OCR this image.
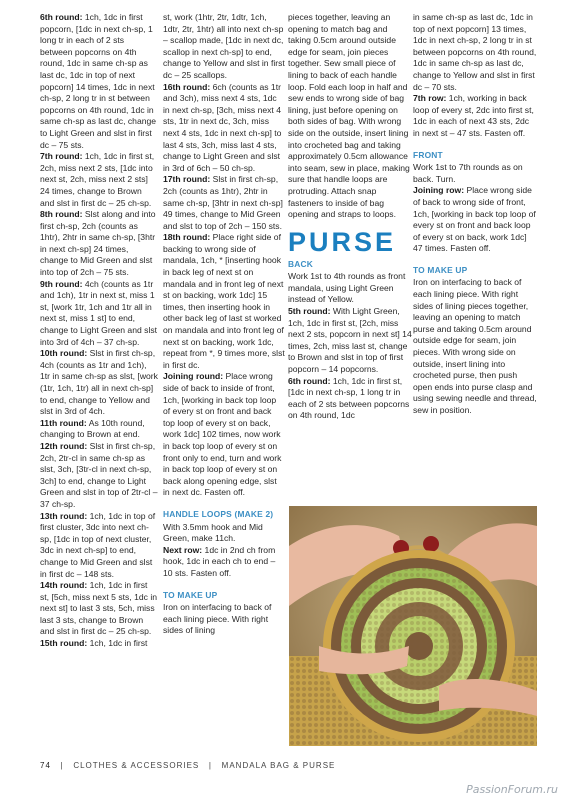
6th round: 1ch, 1dc in first popcorn, [1dc in next ch-sp, 1 long tr in each of 2 sts between popcorns on 4th round, 1dc in same ch-sp as last dc, 1dc in top of next popcorn] 14 times, 1dc in next ch-sp, 2 long tr in st between popcorns on 4th round, 1dc in same ch-sp as last dc, change to Light Green and slst in first dc – 75 sts.
7th round: 1ch, 1dc in first st, 2ch, miss next 2 sts, [1dc into next st, 2ch, miss next 2 sts] 24 times, change to Brown and slst in first dc – 25 ch-sp.
8th round: Slst along and into first ch-sp, 2ch (counts as 1htr), 2htr in same ch-sp, [3htr in next ch-sp] 24 times, change to Mid Green and slst into top of 2ch – 75 sts.
9th round: 4ch (counts as 1tr and 1ch), 1tr in next st, miss 1 st, [work 1tr, 1ch and 1tr all in next st, miss 1 st] to end, change to Light Green and slst into 3rd of 4ch – 37 ch-sp.
10th round: Slst in first ch-sp, 4ch (counts as 1tr and 1ch), 1tr in same ch-sp as slst, [work (1tr, 1ch, 1tr) all in next ch-sp] to end, change to Yellow and slst in 3rd of 4ch.
11th round: As 10th round, changing to Brown at end.
12th round: Slst in first ch-sp, 2ch, 2tr-cl in same ch-sp as slst, 3ch, [3tr-cl in next ch-sp, 3ch] to end, change to Light Green and slst in top of 2tr-cl – 37 ch-sp.
13th round: 1ch, 1dc in top of first cluster, 3dc into next ch-sp, [1dc in top of next cluster, 3dc in next ch-sp] to end, change to Mid Green and slst in first dc – 148 sts.
14th round: 1ch, 1dc in first st, [5ch, miss next 5 sts, 1dc in next st] to last 3 sts, 5ch, miss last 3 sts, change to Brown and slst in first dc – 25 ch-sp.
15th round: 1ch, 1dc in first
st, work (1htr, 2tr, 1dtr, 1ch, 1dtr, 2tr, 1htr) all into next ch-sp – scallop made, [1dc in next dc, scallop in next ch-sp] to end, change to Yellow and slst in first dc – 25 scallops.
16th round: 6ch (counts as 1tr and 3ch), miss next 4 sts, 1dc in next ch-sp, [3ch, miss next 4 sts, 1tr in next dc, 3ch, miss next 4 sts, 1dc in next ch-sp] to last 4 sts, 3ch, miss last 4 sts, change to Light Green and slst in 3rd of 6ch – 50 ch-sp.
17th round: Slst in first ch-sp, 2ch (counts as 1htr), 2htr in same ch-sp, [3htr in next ch-sp] 49 times, change to Mid Green and slst to top of 2ch – 150 sts.
18th round: Place right side of backing to wrong side of mandala, 1ch, * [inserting hook in back leg of next st on mandala and in front leg of next st on backing, work 1dc] 15 times, then inserting hook in other back leg of last st worked on mandala and into front leg of next st on backing, work 1dc, repeat from *, 9 times more, slst in first dc.
Joining round: Place wrong side of back to inside of front, 1ch, [working in back top loop of every st on front and back top loop of every st on back, work 1dc] 102 times, now work in back top loop of every st on front only to end, turn and work in back top loop of every st on back along opening edge, slst in next dc. Fasten off.
HANDLE LOOPS (MAKE 2)
With 3.5mm hook and Mid Green, make 11ch.
Next row: 1dc in 2nd ch from hook, 1dc in each ch to end – 10 sts. Fasten off.
TO MAKE UP
Iron on interfacing to back of each lining piece. With right sides of lining
pieces together, leaving an opening to match bag and taking 0.5cm around outside edge for seam, join pieces together. Sew small piece of lining to back of each handle loop. Fold each loop in half and sew ends to wrong side of bag lining, just before opening on both sides of bag. With wrong side on the outside, insert lining into crocheted bag and taking approximately 0.5cm allowance into seam, sew in place, making sure that handle loops are protruding. Attach snap fasteners to inside of bag opening and straps to loops.
PURSE
BACK
Work 1st to 4th rounds as front mandala, using Light Green instead of Yellow.
5th round: With Light Green, 1ch, 1dc in first st, [2ch, miss next 2 sts, popcorn in next st] 14 times, 2ch, miss last st, change to Brown and slst in top of first popcorn – 14 popcorns.
6th round: 1ch, 1dc in first st, [1dc in next ch-sp, 1 long tr in each of 2 sts between popcorns on 4th round, 1dc
in same ch-sp as last dc, 1dc in top of next popcorn] 13 times, 1dc in next ch-sp, 2 long tr in st between popcorns on 4th round, 1dc in same ch-sp as last dc, change to Yellow and slst in first dc – 70 sts.
7th row: 1ch, working in back loop of every st, 2dc into first st, 1dc in each of next 43 sts, 2dc in next st – 47 sts. Fasten off.
FRONT
Work 1st to 7th rounds as on back. Turn.
Joining row: Place wrong side of back to wrong side of front, 1ch, [working in back top loop of every st on front and back loop of every st on back, work 1dc] 47 times. Fasten off.
TO MAKE UP
Iron on interfacing to back of each lining piece. With right sides of lining pieces together, leaving an opening to match purse and taking 0.5cm around outside edge for seam, join pieces. With wrong side on outside, insert lining into crocheted purse, then push open ends into purse clasp and using sewing needle and thread, sew in position.
74 | CLOTHES & ACCESSORIES | MANDALA BAG & PURSE
PassionForum.ru
